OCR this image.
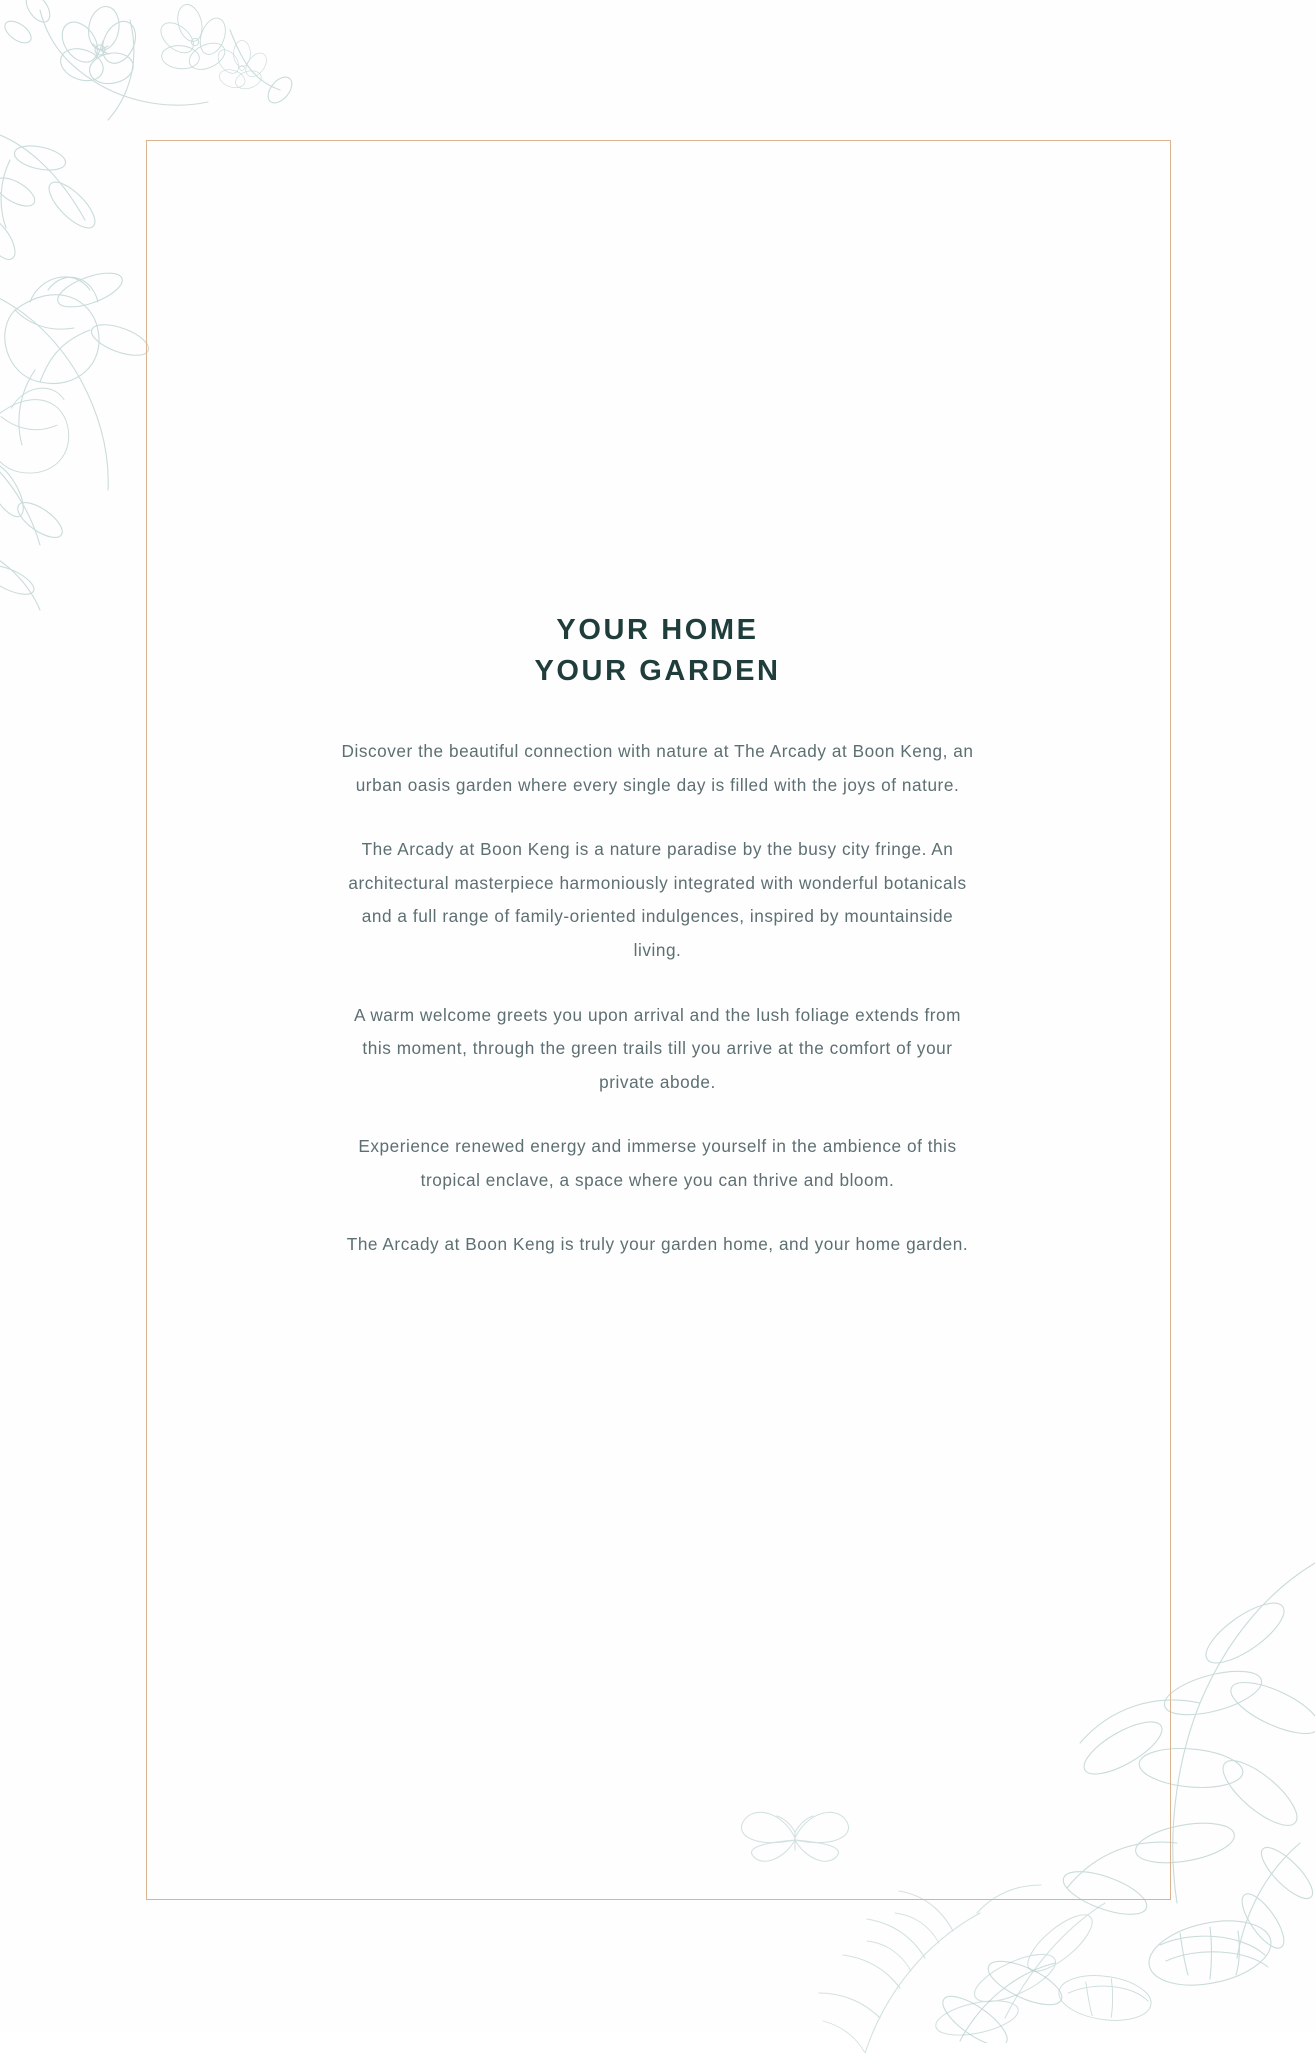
YOUR HOME
YOUR GARDEN

Discover the beautiful connection with nature at The Arcady at Boon Keng, an urban oasis garden where every single day is filled with the joys of nature.

The Arcady at Boon Keng is a nature paradise by the busy city fringe. An architectural masterpiece harmoniously integrated with wonderful botanicals and a full range of family-oriented indulgences, inspired by mountainside living.

A warm welcome greets you upon arrival and the lush foliage extends from this moment, through the green trails till you arrive at the comfort of your private abode.

Experience renewed energy and immerse yourself in the ambience of this tropical enclave, a space where you can thrive and bloom.

The Arcady at Boon Keng is truly your garden home, and your home garden.
